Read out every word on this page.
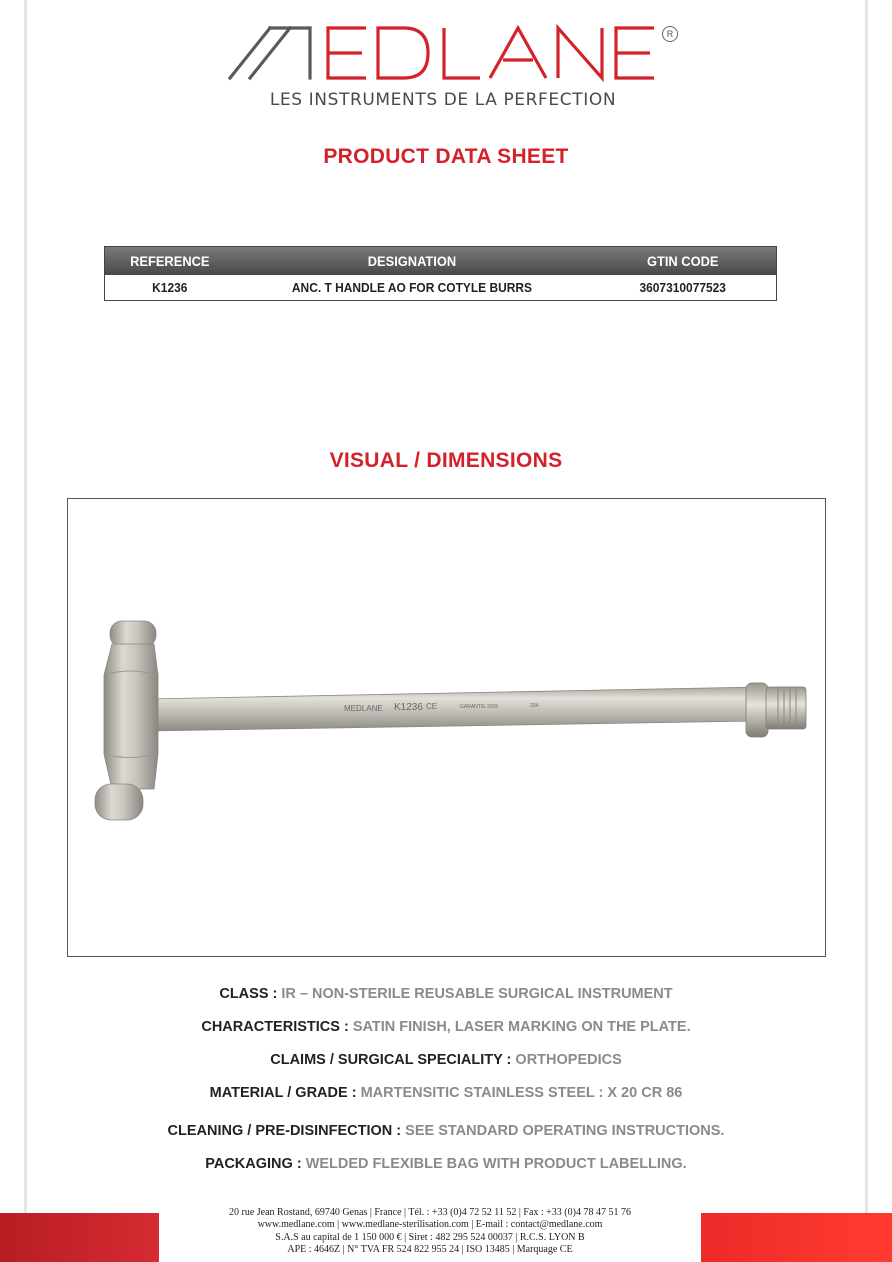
R
LES INSTRUMENTS DE LA PERFECTION
PRODUCT DATA SHEET
REFERENCE	DESIGNATION	GTIN CODE
K1236	ANC. T HANDLE AO FOR COTYLE BURRS	3607310077523
VISUAL / DIMENSIONS
MEDLANE K1236 CE	GARANTIE 2015	204
CLASS : IR – NON-STERILE REUSABLE SURGICAL INSTRUMENT
CHARACTERISTICS : SATIN FINISH, LASER MARKING ON THE PLATE.
CLAIMS / SURGICAL SPECIALITY : ORTHOPEDICS
MATERIAL / GRADE : MARTENSITIC STAINLESS STEEL : X 20 CR 86
CLEANING / PRE-DISINFECTION : SEE STANDARD OPERATING INSTRUCTIONS.
PACKAGING : WELDED FLEXIBLE BAG WITH PRODUCT LABELLING.
20 rue Jean Rostand, 69740 Genas | France | Tél. : +33 (0)4 72 52 11 52 | Fax : +33 (0)4 78 47 51 76
www.medlane.com | www.medlane-sterilisation.com | E-mail : contact@medlane.com
S.A.S au capital de 1 150 000 € | Siret : 482 295 524 00037 | R.C.S. LYON B
APE : 4646Z | N° TVA FR 524 822 955 24 | ISO 13485 | Marquage CE
